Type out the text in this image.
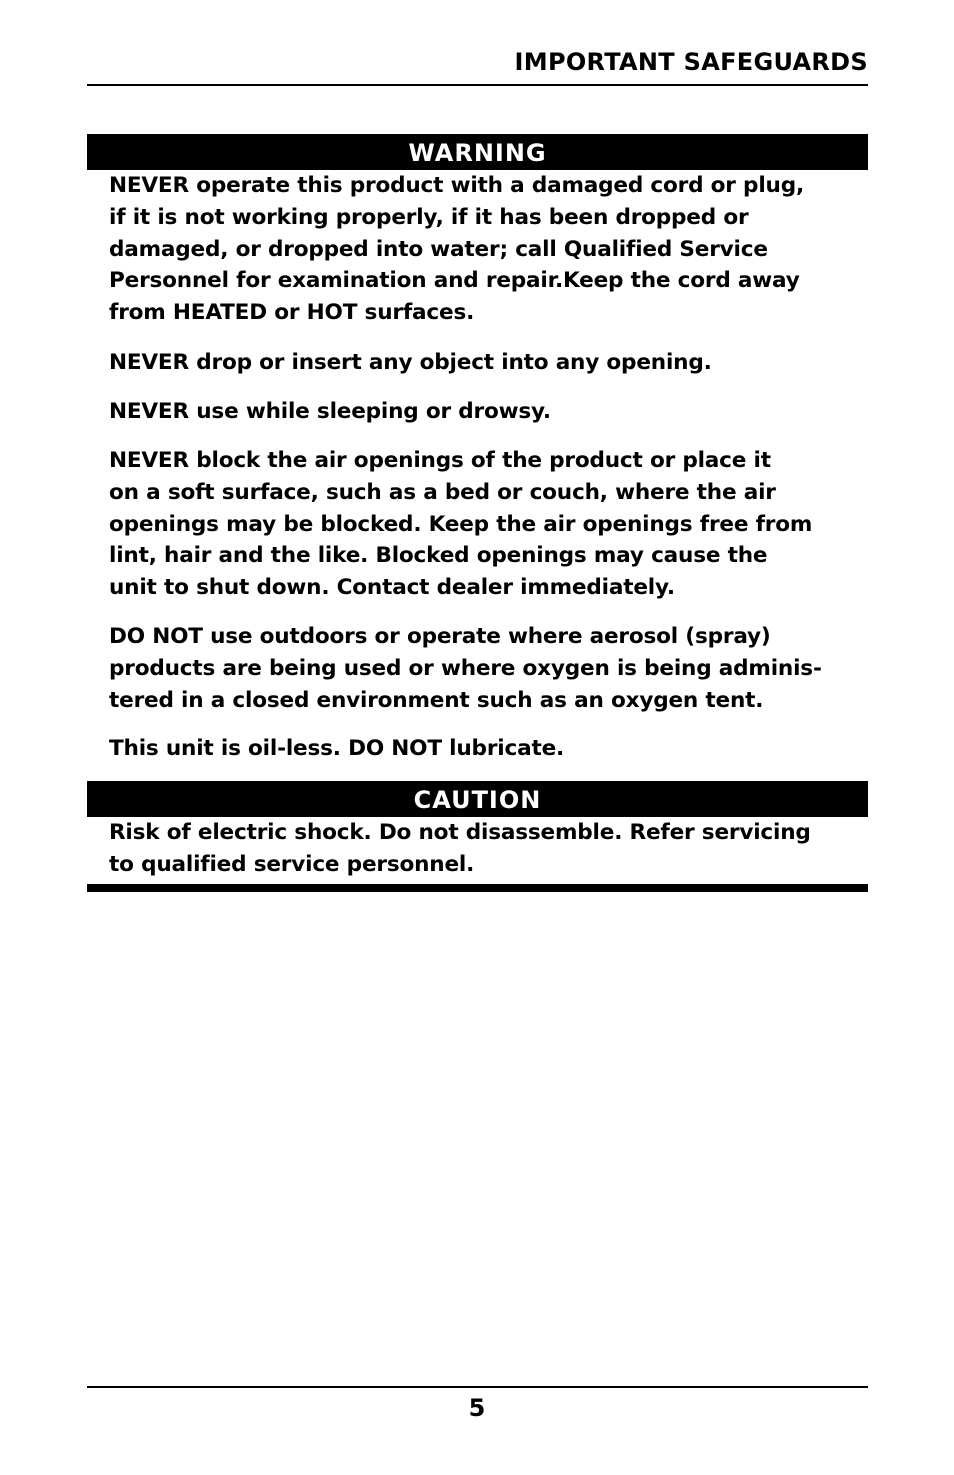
IMPORTANT SAFEGUARDS
WARNING

NEVER operate this product with a damaged cord or plug,
if it is not working properly, if it has been dropped or
damaged, or dropped into water; call Qualified Service
Personnel for examination and repair.Keep the cord away
from HEATED or HOT surfaces.

NEVER drop or insert any object into any opening.

NEVER use while sleeping or drowsy.

NEVER block the air openings of the product or place it
on a soft surface, such as a bed or couch, where the air
openings may be blocked. Keep the air openings free from
lint, hair and the like. Blocked openings may cause the
unit to shut down. Contact dealer immediately.

DO NOT use outdoors or operate where aerosol (spray)
products are being used or where oxygen is being adminis-
tered in a closed environment such as an oxygen tent.

This unit is oil-less. DO NOT lubricate.

CAUTION

Risk of electric shock. Do not disassemble. Refer servicing
to qualified service personnel.

5
